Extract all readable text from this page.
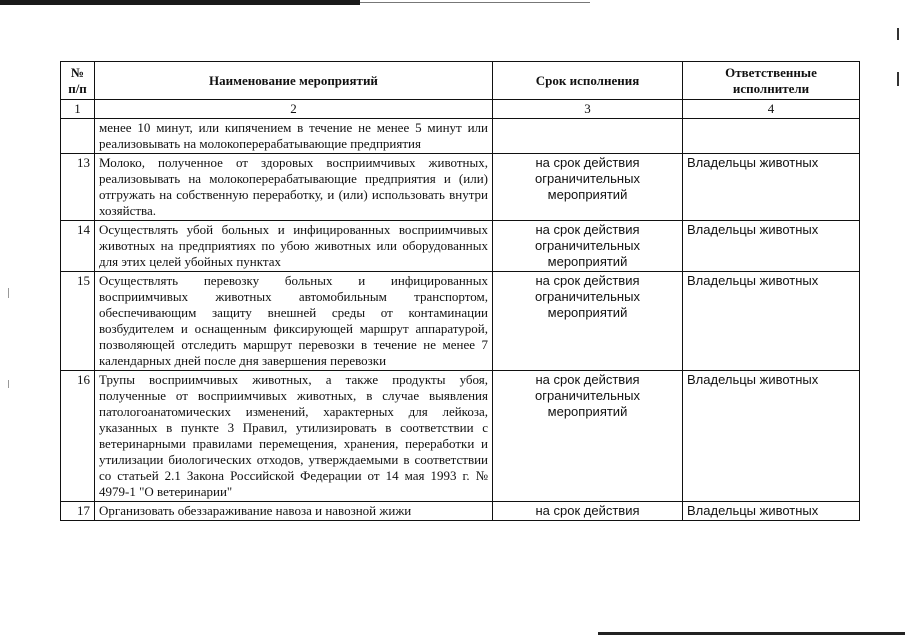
№
п/п	Наименование мероприятий	Срок исполнения	Ответственные исполнители
1	2	3	4
	менее 10 минут, или кипячением в течение не менее 5 минут или реализовывать на молокоперерабатывающие предприятия		
13	Молоко, полученное от здоровых восприимчивых животных, реализовывать на молокоперерабатывающие предприятия и (или) отгружать на собственную переработку, и (или) использовать внутри хозяйства.	на срок действия ограничительных мероприятий	Владельцы животных
14	Осуществлять убой больных и инфицированных восприимчивых животных на предприятиях по убою животных или оборудованных для этих целей убойных пунктах	на срок действия ограничительных мероприятий	Владельцы животных
15	Осуществлять перевозку больных и инфицированных восприимчивых животных автомобильным транспортом, обеспечивающим защиту внешней среды от контаминации возбудителем и оснащенным фиксирующей маршрут аппаратурой, позволяющей отследить маршрут перевозки в течение не менее 7 календарных дней после дня завершения перевозки	на срок действия ограничительных мероприятий	Владельцы животных
16	Трупы восприимчивых животных, а также продукты убоя, полученные от восприимчивых животных, в случае выявления патологоанатомических изменений, характерных для лейкоза, указанных в пункте 3 Правил, утилизировать в соответствии с ветеринарными правилами перемещения, хранения, переработки и утилизации биологических отходов, утверждаемыми в соответствии со статьей 2.1 Закона Российской Федерации от 14 мая 1993 г. № 4979-1 "О ветеринарии"	на срок действия ограничительных мероприятий	Владельцы животных
17	Организовать обеззараживание навоза и навозной жижи	на срок действия	Владельцы животных
